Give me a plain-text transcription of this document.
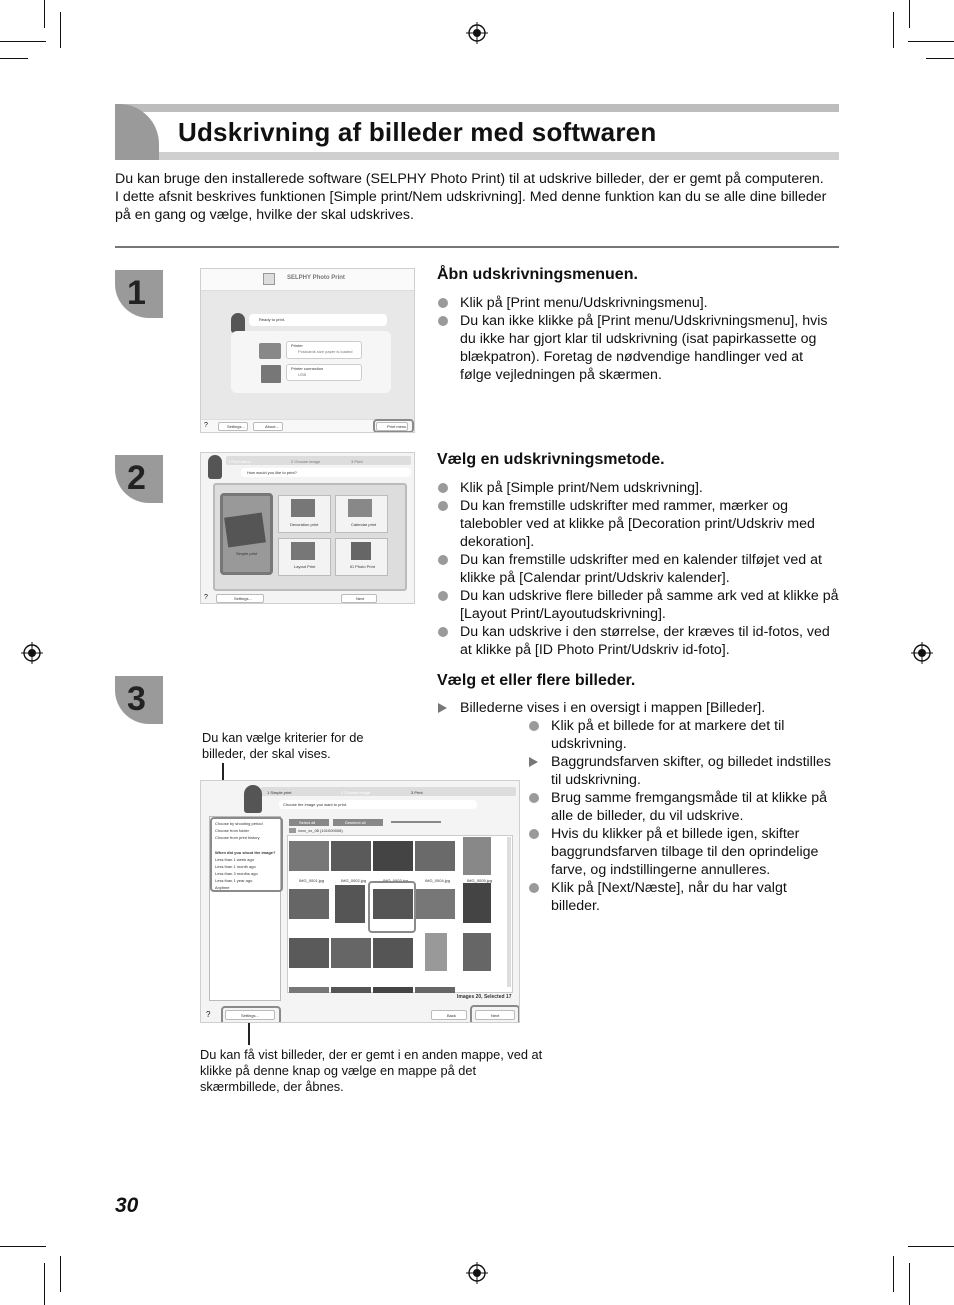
Udskrivning af billeder med softwaren

Du kan bruge den installerede software (SELPHY Photo Print) til at udskrive billeder, der er gemt på computeren.

I dette afsnit beskrives funktionen [Simple print/Nem udskrivning]. Med denne funktion kan du se alle dine billeder på en gang og vælge, hvilke der skal udskrives.

1	SELPHY Photo Print
Ready to print.
Printer
Postcards size paper is loaded
Printer connection
USB
?	Settings...	About...	Print menu
Åbn udskrivningsmenuen.
Klik på [Print menu/Udskrivningsmenu].
Du kan ikke klikke på [Print menu/Udskrivningsmenu], hvis du ikke har gjort klar til udskrivning (isat papirkassette og blækpatron). Foretag de nødvendige handlinger ved at følge vejledningen på skærmen.
2	1 Print menu	2 Choose image	3 Print
How would you like to print?
Simple print
Decoration print	Calendar print
Layout Print	ID Photo Print
?	Settings...	Next
Vælg en udskrivningsmetode.
Klik på [Simple print/Nem udskrivning].
Du kan fremstille udskrifter med rammer, mærker og talebobler ved at klikke på [Decoration print/Udskriv med dekoration].
Du kan fremstille udskrifter med en kalender tilføjet ved at klikke på [Calendar print/Udskriv kalender].
Du kan udskrive flere billeder på samme ark ved at klikke på [Layout Print/Layoutudskrivning].
Du kan udskrive i den størrelse, der kræves til id-fotos, ved at klikke på [ID Photo Print/Udskriv id-foto].
3
Du kan vælge kriterier for de billeder, der skal vises.
1 Simple print	2 Choose image	3 Print
Choose the image you want to print.
Choose by shooting period
Choose from folder
Choose from print history
When did you shoot the image?
Less than 1 week ago
Less than 1 month ago
Less than 3 months ago
Less than 1 year ago
Anytime
Select all	Deselect all
xxxx_xx_08 (101000008)
IMG_0001.jpg	IMG_0002.jpg	IMG_0003.jpg	IMG_0004.jpg	IMG_0005.jpg
Images 20, Selected 17
?	Settings...	Back	Next
Du kan få vist billeder, der er gemt i en anden mappe, ved at klikke på denne knap og vælge en mappe på det skærmbillede, der åbnes.
Vælg et eller flere billeder.
Billederne vises i en oversigt i mappen [Billeder].
Klik på et billede for at markere det til udskrivning.
Baggrundsfarven skifter, og billedet indstilles til udskrivning.
Brug samme fremgangsmåde til at klikke på alle de billeder, du vil udskrive.
Hvis du klikker på et billede igen, skifter baggrundsfarven tilbage til den oprindelige farve, og indstillingerne annulleres.
Klik på [Next/Næste], når du har valgt billeder.
30
